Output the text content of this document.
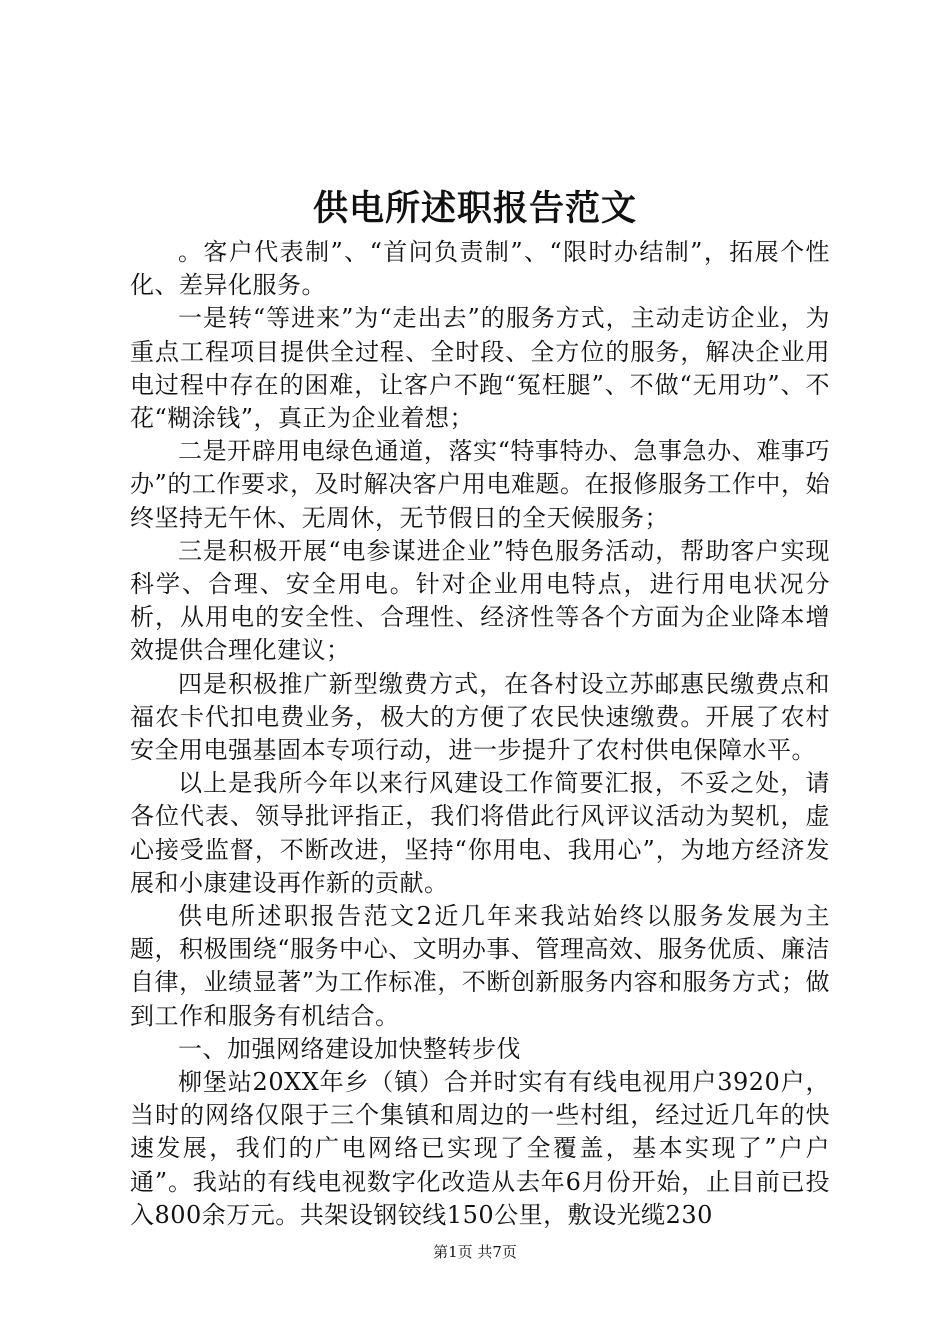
供电所述职报告范文

。客户代表制”、“首问负责制”、“限时办结制”，拓展个性化、差异化服务。

一是转“等进来”为“走出去”的服务方式，主动走访企业，为重点工程项目提供全过程、全时段、全方位的服务，解决企业用电过程中存在的困难，让客户不跑“冤枉腿”、不做“无用功”、不花“糊涂钱”，真正为企业着想；

二是开辟用电绿色通道，落实“特事特办、急事急办、难事巧办”的工作要求，及时解决客户用电难题。在报修服务工作中，始终坚持无午休、无周休，无节假日的全天候服务；

三是积极开展“电参谋进企业”特色服务活动，帮助客户实现科学、合理、安全用电。针对企业用电特点，进行用电状况分析，从用电的安全性、合理性、经济性等各个方面为企业降本增效提供合理化建议；

四是积极推广新型缴费方式，在各村设立苏邮惠民缴费点和福农卡代扣电费业务，极大的方便了农民快速缴费。开展了农村安全用电强基固本专项行动，进一步提升了农村供电保障水平。

以上是我所今年以来行风建设工作简要汇报，不妥之处，请各位代表、领导批评指正，我们将借此行风评议活动为契机，虚心接受监督，不断改进，坚持“你用电、我用心”，为地方经济发展和小康建设再作新的贡献。

供电所述职报告范文2近几年来我站始终以服务发展为主题，积极围绕“服务中心、文明办事、管理高效、服务优质、廉洁自律，业绩显著”为工作标准，不断创新服务内容和服务方式；做到工作和服务有机结合。

一、加强网络建设加快整转步伐

柳堡站20XX年乡（镇）合并时实有有线电视用户3920户，当时的网络仅限于三个集镇和周边的一些村组，经过近几年的快速发展，我们的广电网络已实现了全覆盖，基本实现了”户户通”。我站的有线电视数字化改造从去年6月份开始，止目前已投入800余万元。共架设钢铰线150公里，敷设光缆230

第1页 共7页
